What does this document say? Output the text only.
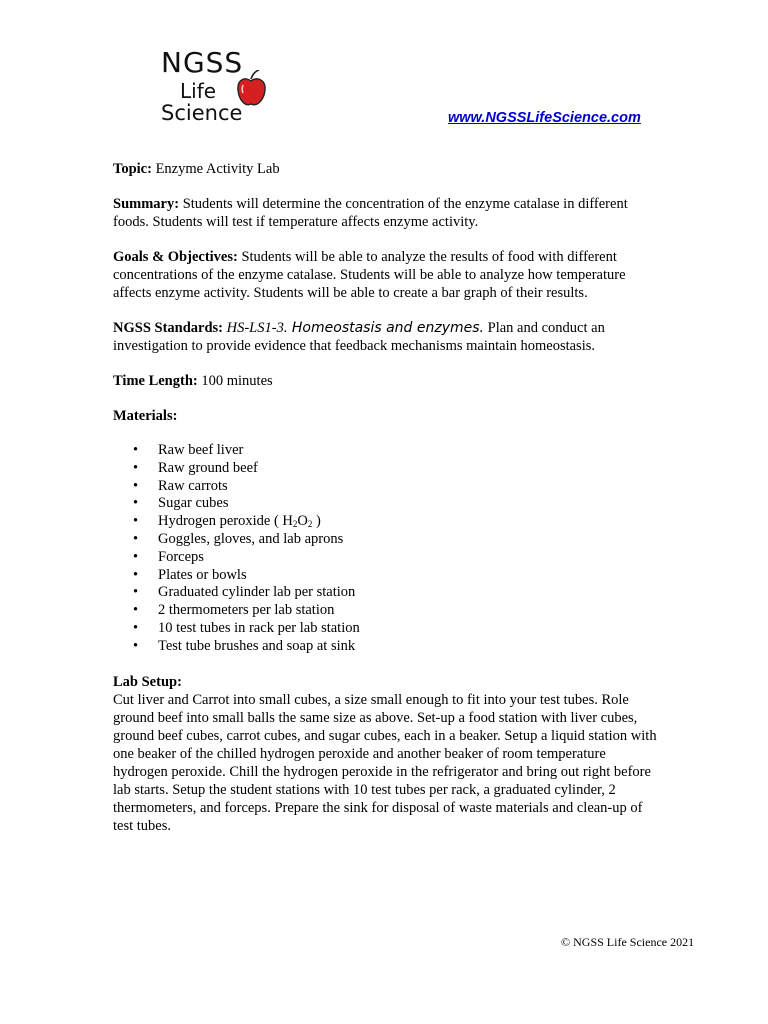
NGSS
Life
Science	www.NGSSLifeScience.com

Topic: Enzyme Activity Lab

Summary: Students will determine the concentration of the enzyme catalase in different foods. Students will test if temperature affects enzyme activity.

Goals & Objectives: Students will be able to analyze the results of food with different concentrations of the enzyme catalase. Students will be able to analyze how temperature affects enzyme activity. Students will be able to create a bar graph of their results.

NGSS Standards: HS-LS1-3. Homeostasis and enzymes. Plan and conduct an investigation to provide evidence that feedback mechanisms maintain homeostasis.

Time Length: 100 minutes

Materials:

• Raw beef liver
• Raw ground beef
• Raw carrots
• Sugar cubes
• Hydrogen peroxide ( $H_2O_2$ )
• Goggles, gloves, and lab aprons
• Forceps
• Plates or bowls
• Graduated cylinder lab per station
• 2 thermometers per lab station
• 10 test tubes in rack per lab station
• Test tube brushes and soap at sink
Lab Setup:

Cut liver and Carrot into small cubes, a size small enough to fit into your test tubes. Role ground beef into small balls the same size as above. Set-up a food station with liver cubes, ground beef cubes, carrot cubes, and sugar cubes, each in a beaker. Setup a liquid station with one beaker of the chilled hydrogen peroxide and another beaker of room temperature hydrogen peroxide. Chill the hydrogen peroxide in the refrigerator and bring out right before lab starts. Setup the student stations with 10 test tubes per rack, a graduated cylinder, 2 thermometers, and forceps. Prepare the sink for disposal of waste materials and clean-up of test tubes.

© NGSS Life Science 2021
